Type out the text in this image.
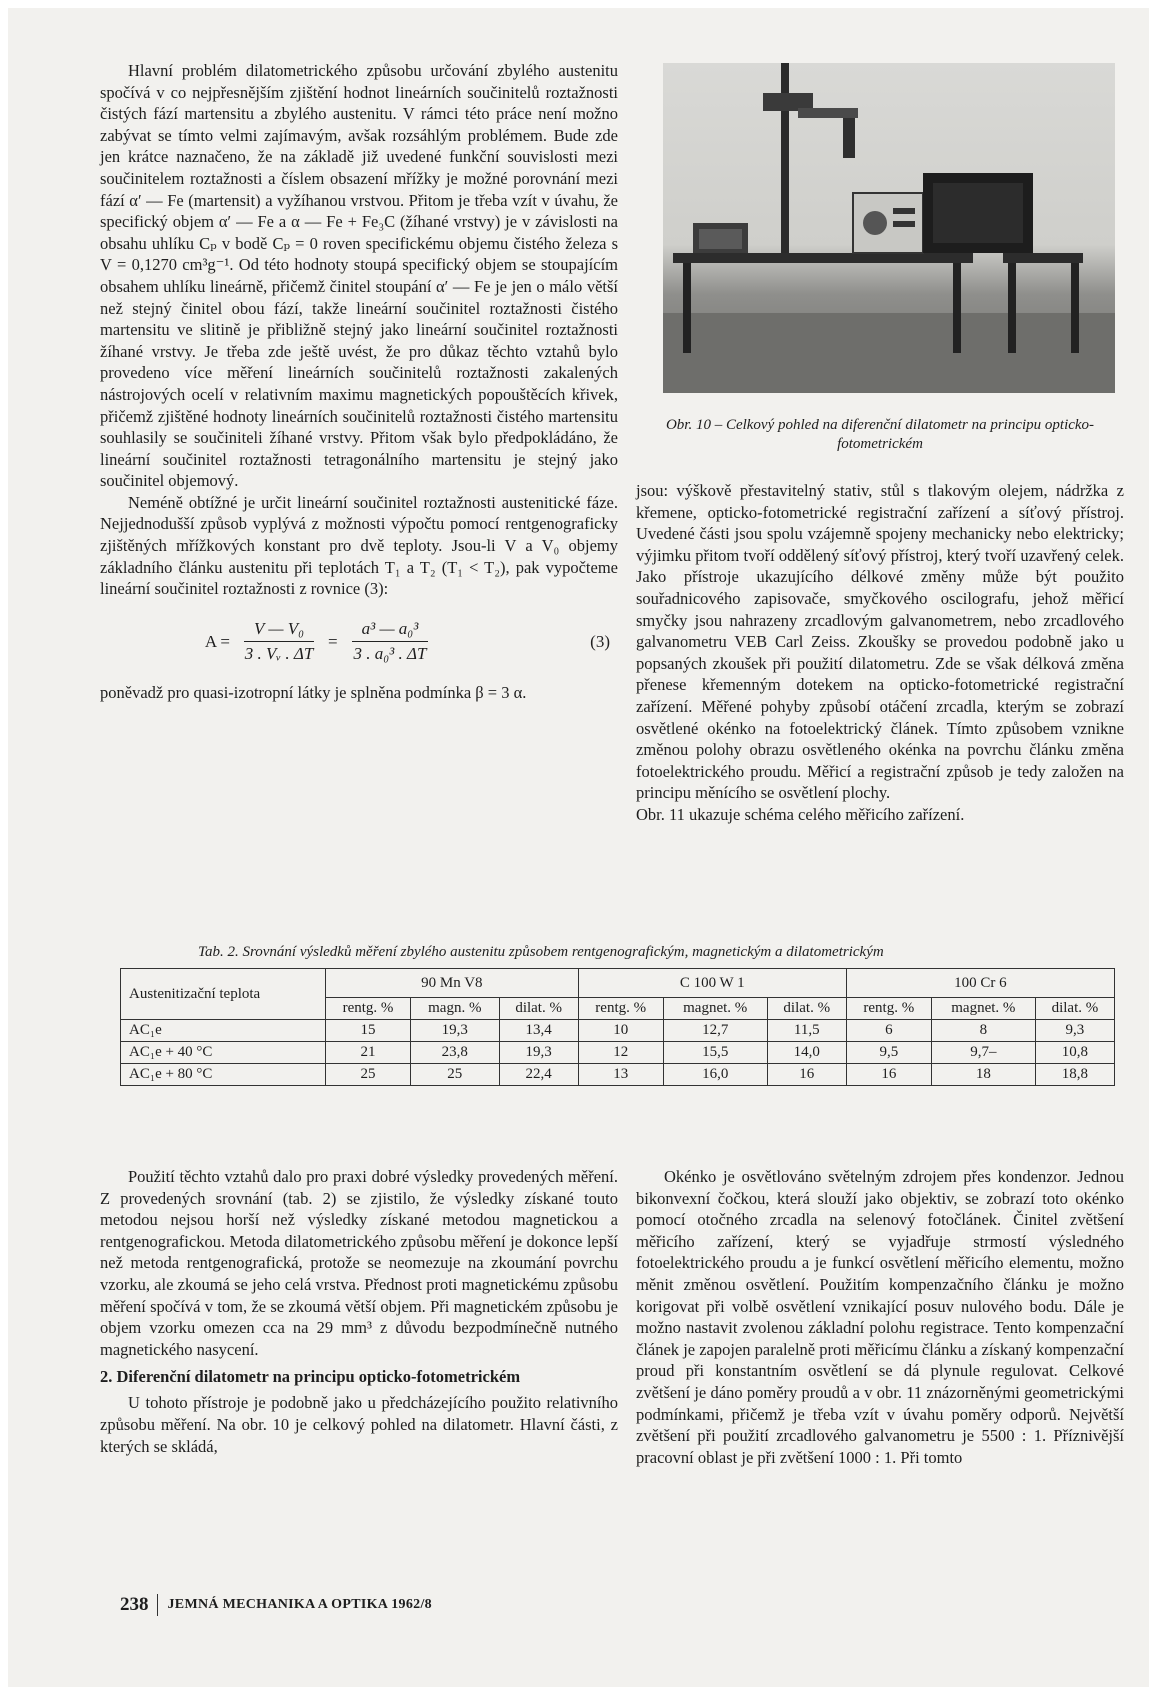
Hlavní problém dilatometrického způsobu určování zbylého austenitu spočívá v co nejpřesnějším zjištění hodnot lineárních součinitelů roztažnosti čistých fází martensitu a zbylého austenitu. V rámci této práce není možno zabývat se tímto velmi zajímavým, avšak rozsáhlým problémem. Bude zde jen krátce naznačeno, že na základě již uvedené funkční souvislosti mezi součinitelem roztažnosti a číslem obsazení mřížky je možné porovnání mezi fází α′ — Fe (martensit) a vyžíhanou vrstvou. Přitom je třeba vzít v úvahu, že specifický objem α′ — Fe a α — Fe + Fe₃C (žíhané vrstvy) je v závislosti na obsahu uhlíku Cₚ v bodě Cₚ = 0 roven specifickému objemu čistého železa s V = 0,1270 cm³g⁻¹. Od této hodnoty stoupá specifický objem se stoupajícím obsahem uhlíku lineárně, přičemž činitel stoupání α′ — Fe je jen o málo větší než stejný činitel obou fází, takže lineární součinitel roztažnosti čistého martensitu ve slitině je přibližně stejný jako lineární součinitel roztažnosti žíhané vrstvy. Je třeba zde ještě uvést, že pro důkaz těchto vztahů bylo provedeno více měření lineárních součinitelů roztažnosti zakalených nástrojových ocelí v relativním maximu magnetických popouštěcích křivek, přičemž zjištěné hodnoty lineárních součinitelů roztažnosti čistého martensitu souhlasily se součiniteli žíhané vrstvy. Přitom však bylo předpokládáno, že lineární součinitel roztažnosti tetragonálního martensitu je stejný jako součinitel objemový.

Neméně obtížné je určit lineární součinitel roztažnosti austenitické fáze. Nejjednodušší způsob vyplývá z možnosti výpočtu pomocí rentgenograficky zjištěných mřížkových konstant pro dvě teploty. Jsou-li V a V₀ objemy základního článku austenitu při teplotách T₁ a T₂ (T₁ < T₂), pak vypočteme lineární součinitel roztažnosti z rovnice (3):

$A = \frac{\text{V — V₀}}{\text{3 . Vᵥ . ΔT}} = \frac{\text{a³ — a₀³}}{\text{3 . a₀³ . ΔT}}$	(3)

poněvadž pro quasi-izotropní látky je splněna podmínka β = 3 α.

Obr. 10 – Celkový pohled na diferenční dilatometr na principu opticko-fotometrickém

jsou: výškově přestavitelný stativ, stůl s tlakovým olejem, nádržka z křemene, opticko-fotometrické registrační zařízení a síťový přístroj. Uvedené části jsou spolu vzájemně spojeny mechanicky nebo elektricky; výjimku přitom tvoří oddělený síťový přístroj, který tvoří uzavřený celek. Jako přístroje ukazujícího délkové změny může být použito souřadnicového zapisovače, smyčkového oscilografu, jehož měřicí smyčky jsou nahrazeny zrcadlovým galvanometrem, nebo zrcadlového galvanometru VEB Carl Zeiss. Zkoušky se provedou podobně jako u popsaných zkoušek při použití dilatometru. Zde se však délková změna přenese křemenným dotekem na opticko-fotometrické registrační zařízení. Měřené pohyby způsobí otáčení zrcadla, kterým se zobrazí osvětlené okénko na fotoelektrický článek. Tímto způsobem vznikne změnou polohy obrazu osvětleného okénka na povrchu článku změna fotoelektrického proudu. Měřicí a registrační způsob je tedy založen na principu měnícího se osvětlení plochy.

Obr. 11 ukazuje schéma celého měřicího zařízení.

Tab. 2. Srovnání výsledků měření zbylého austenitu způsobem rentgenografickým, magnetickým a dilatometrickým
Austenitizační teplota	90 Mn V8			C 100 W 1			100 Cr 6		
	rentg. %	magn. %	dilat. %	rentg. %	magnet. %	dilat. %	rentg. %	magnet. %	dilat. %
AC₁e	15	19,3	13,4	10	12,7	11,5	6	8	9,3
AC₁e + 40 °C	21	23,8	19,3	12	15,5	14,0	9,5	9,7–	10,8
AC₁e + 80 °C	25	25	22,4	13	16,0	16	16	18	18,8

Použití těchto vztahů dalo pro praxi dobré výsledky provedených měření. Z provedených srovnání (tab. 2) se zjistilo, že výsledky získané touto metodou nejsou horší než výsledky získané metodou magnetickou a rentgenografickou. Metoda dilatometrického způsobu měření je dokonce lepší než metoda rentgenografická, protože se neomezuje na zkoumání povrchu vzorku, ale zkoumá se jeho celá vrstva. Přednost proti magnetickému způsobu měření spočívá v tom, že se zkoumá větší objem. Při magnetickém způsobu je objem vzorku omezen cca na 29 mm³ z důvodu bezpodmínečně nutného magnetického nasycení.

2. Diferenční dilatometr na principu opticko-fotometrickém

U tohoto přístroje je podobně jako u předcházejícího použito relativního způsobu měření. Na obr. 10 je celkový pohled na dilatometr. Hlavní části, z kterých se skládá,

Okénko je osvětlováno světelným zdrojem přes kondenzor. Jednou bikonvexní čočkou, která slouží jako objektiv, se zobrazí toto okénko pomocí otočného zrcadla na selenový fotočlánek. Činitel zvětšení měřicího zařízení, který se vyjadřuje strmostí výsledného fotoelektrického proudu a je funkcí osvětlení měřicího elementu, možno měnit změnou osvětlení. Použitím kompenzačního článku je možno korigovat při volbě osvětlení vznikající posuv nulového bodu. Dále je možno nastavit zvolenou základní polohu registrace. Tento kompenzační článek je zapojen paralelně proti měřicímu článku a získaný kompenzační proud při konstantním osvětlení se dá plynule regulovat. Celkové zvětšení je dáno poměry proudů a v obr. 11 znázorněnými geometrickými podmínkami, přičemž je třeba vzít v úvahu poměry odporů. Největší zvětšení při použití zrcadlového galvanometru je 5500 : 1. Příznivější pracovní oblast je při zvětšení 1000 : 1. Při tomto

238	JEMNÁ MECHANIKA A OPTIKA 1962/8
